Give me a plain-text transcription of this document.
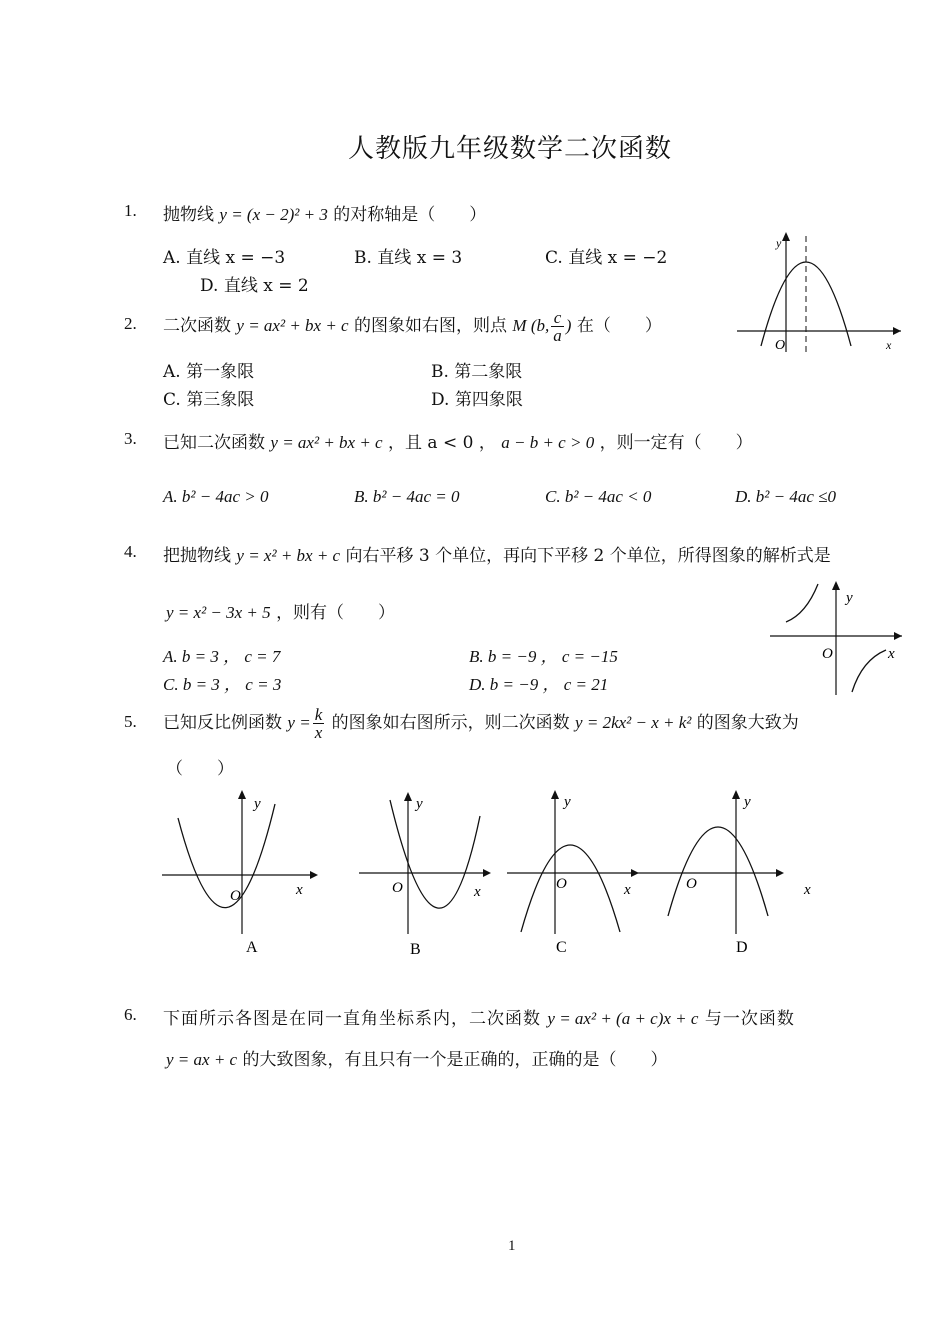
人教版九年级数学二次函数
1. 抛物线 y = (x − 2)² + 3 的对称轴是（　　）
A. 直线 x = −3	B. 直线 x = 3	C. 直线 x = −2
D. 直线 x = 2
y
x
O
2. 二次函数 y = ax² + bx + c 的图象如右图，则点 M (b, $\frac{c}{a}$ ) 在（　　）
A. 第一象限	B. 第二象限
C. 第三象限	D. 第四象限
3. 已知二次函数 y = ax² + bx + c ，且 a < 0 ， a − b + c > 0 ，则一定有（　　）
A. b² − 4ac > 0	B. b² − 4ac = 0	C. b² − 4ac < 0	D. b² − 4ac ≤0
4. 把抛物线 y = x² + bx + c 向右平移 3 个单位，再向下平移 2 个单位，所得图象的解析式是
y = x² − 3x + 5 ，则有（　　）
A. b = 3 ， c = 7	B. b = −9 ， c = −15
C. b = 3 ， c = 3	D. b = −9 ， c = 21
y
x
O
5. 已知反比例函数 $y = \frac{k}{x}$ 的图象如右图所示，则二次函数 y = 2kx² − x + k² 的图象大致为
（　　）
y
x
O
A
y
x
O
B
y
x
O
C
y
x
O
D
6. 下面所示各图是在同一直角坐标系内，二次函数 y = ax² + (a + c)x + c 与一次函数
y = ax + c 的大致图象，有且只有一个是正确的，正确的是（　　）
1
